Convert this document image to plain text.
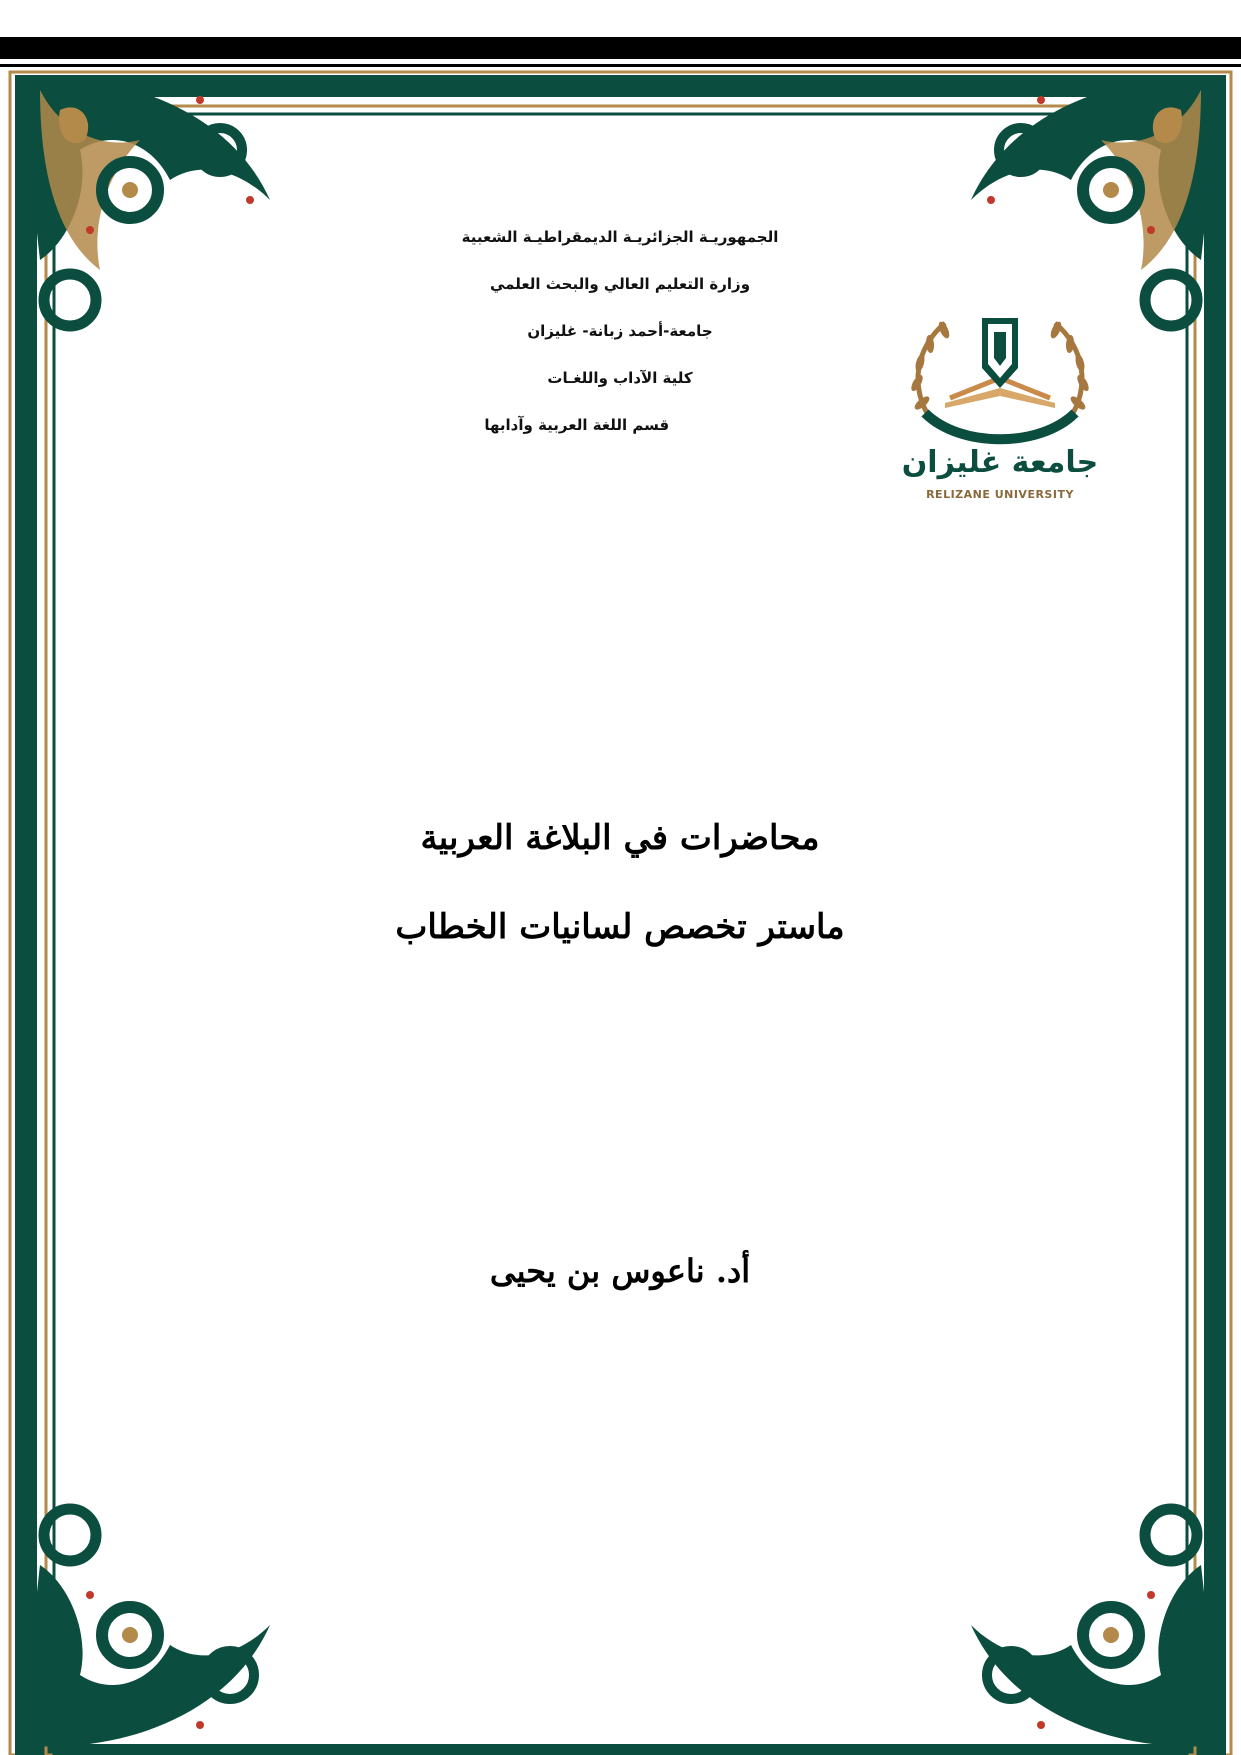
الجمهوريـة الجزائريـة الديمقراطيـة الشعبية
وزارة التعليم العالي والبحث العلمي
جامعة-أحمد زبانة- غليزان
كلية الآداب واللغـات
قسم اللغة العربية وآدابها
جامعة غليزان
RELIZANE UNIVERSITY
محاضرات في البلاغة العربية
ماستر تخصص لسانيات الخطاب
أد. ناعوس بن يحيى
